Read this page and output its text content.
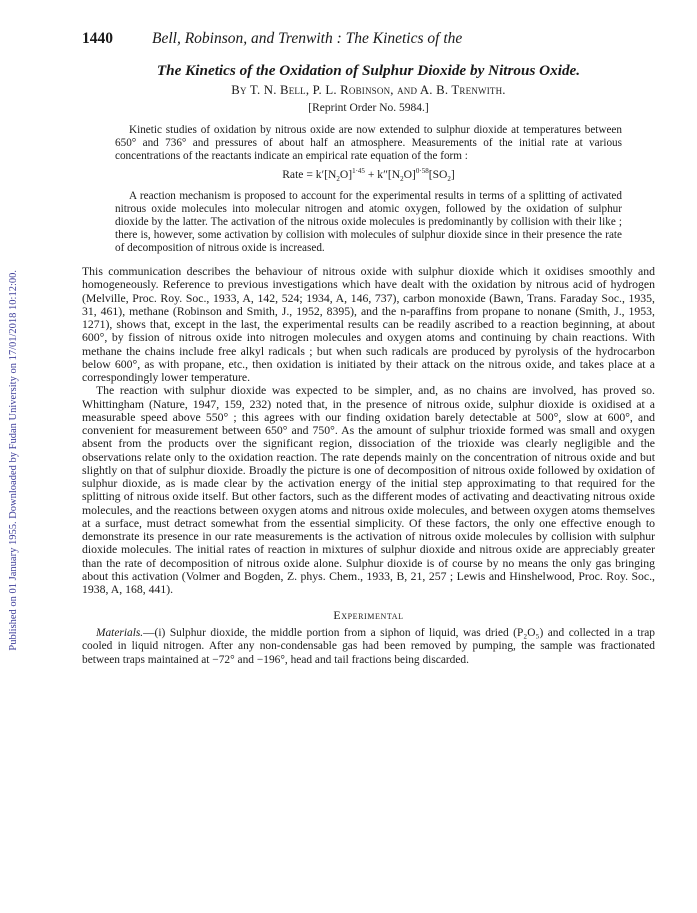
Published on 01 January 1955. Downloaded by Fudan University on 17/01/2018 10:12:00.
1440	Bell, Robinson, and Trenwith : The Kinetics of the
The Kinetics of the Oxidation of Sulphur Dioxide by Nitrous Oxide.
By T. N. Bell, P. L. Robinson, and A. B. Trenwith.
[Reprint Order No. 5984.]

Kinetic studies of oxidation by nitrous oxide are now extended to sulphur dioxide at temperatures between 650° and 736° and pressures of about half an atmosphere. Measurements of the initial rate at various concentrations of the reactants indicate an empirical rate equation of the form :

Rate = $k'[N_2O]^{1\cdot 45} + k''[N_2O]^{0\cdot 58}[SO_2]$

A reaction mechanism is proposed to account for the experimental results in terms of a splitting of activated nitrous oxide molecules into molecular nitrogen and atomic oxygen, followed by the oxidation of sulphur dioxide by the latter. The activation of the nitrous oxide molecules is predominantly by collision with their like ; there is, however, some activation by collision with molecules of sulphur dioxide since in their presence the rate of decomposition of nitrous oxide is increased.

This communication describes the behaviour of nitrous oxide with sulphur dioxide which it oxidises smoothly and homogeneously. Reference to previous investigations which have dealt with the oxidation by nitrous acid of hydrogen (Melville, Proc. Roy. Soc., 1933, A, 142, 524; 1934, A, 146, 737), carbon monoxide (Bawn, Trans. Faraday Soc., 1935, 31, 461), methane (Robinson and Smith, J., 1952, 8395), and the n-paraffins from propane to nonane (Smith, J., 1953, 1271), shows that, except in the last, the experimental results can be readily ascribed to a reaction beginning, at about 600°, by fission of nitrous oxide into nitrogen molecules and oxygen atoms and continuing by chain reactions. With methane the chains include free alkyl radicals ; but when such radicals are produced by pyrolysis of the hydrocarbon below 600°, as with propane, etc., then oxidation is initiated by their attack on the nitrous oxide, and takes place at a correspondingly lower temperature.

The reaction with sulphur dioxide was expected to be simpler, and, as no chains are involved, has proved so. Whittingham (Nature, 1947, 159, 232) noted that, in the presence of nitrous oxide, sulphur dioxide is oxidised at a measurable speed above 550° ; this agrees with our finding oxidation barely detectable at 500°, slow at 600°, and convenient for measurement between 650° and 750°. As the amount of sulphur trioxide formed was small and oxygen absent from the products over the significant region, dissociation of the trioxide was clearly negligible and the observations relate only to the oxidation reaction. The rate depends mainly on the concentration of nitrous oxide and but slightly on that of sulphur dioxide. Broadly the picture is one of decomposition of nitrous oxide followed by oxidation of sulphur dioxide, as is made clear by the activation energy of the initial step approximating to that required for the splitting of nitrous oxide itself. But other factors, such as the different modes of activating and deactivating nitrous oxide molecules, and the reactions between oxygen atoms and nitrous oxide molecules, and between oxygen atoms themselves at a surface, must detract somewhat from the essential simplicity. Of these factors, the only one effective enough to demonstrate its presence in our rate measurements is the activation of nitrous oxide molecules by collision with sulphur dioxide molecules. The initial rates of reaction in mixtures of sulphur dioxide and nitrous oxide are appreciably greater than the rate of decomposition of nitrous oxide alone. Sulphur dioxide is of course by no means the only gas bringing about this activation (Volmer and Bogden, Z. phys. Chem., 1933, B, 21, 257 ; Lewis and Hinshelwood, Proc. Roy. Soc., 1938, A, 168, 441).

Experimental

Materials.—(i) Sulphur dioxide, the middle portion from a siphon of liquid, was dried (P₂O₅) and collected in a trap cooled in liquid nitrogen. After any non-condensable gas had been removed by pumping, the sample was fractionated between traps maintained at −72° and −196°, head and tail fractions being discarded.
